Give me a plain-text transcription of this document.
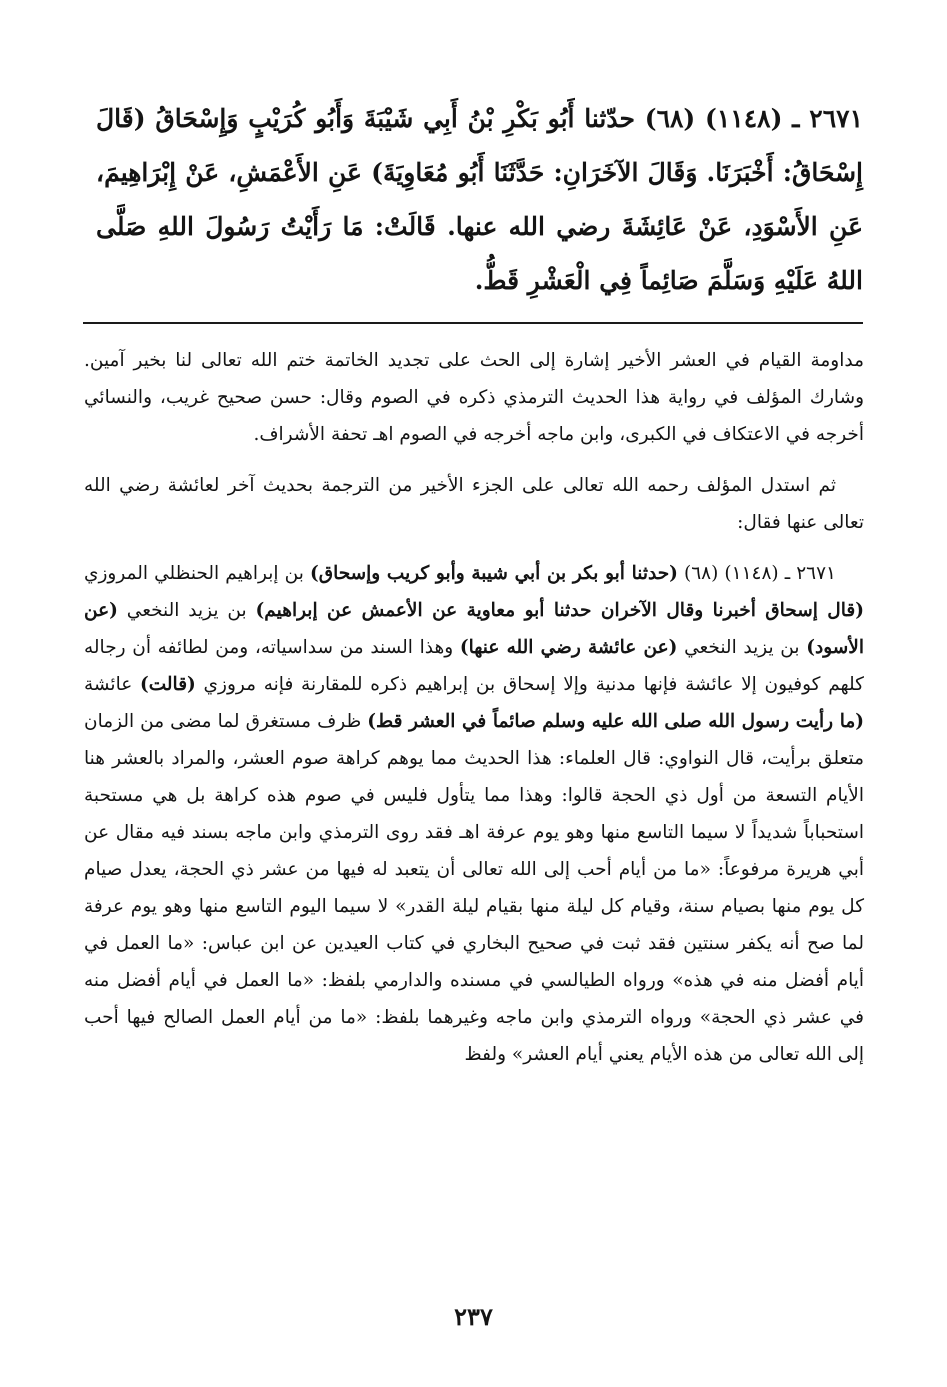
٢٦٧١ ـ (١١٤٨) (٦٨) حدّثنا أَبُو بَكْرِ بْنُ أَبِي شَيْبَةَ وَأَبُو كُرَيْبٍ وَإِسْحَاقُ (قَالَ إِسْحَاقُ: أَخْبَرَنَا. وَقَالَ الآخَرَانِ: حَدَّثَنَا أَبُو مُعَاوِيَةَ) عَنِ الأَعْمَشِ، عَنْ إِبْرَاهِيمَ، عَنِ الأَسْوَدِ، عَنْ عَائِشَةَ رضي الله عنها. قَالَتْ: مَا رَأَيْتُ رَسُولَ اللهِ صَلَّى اللهُ عَلَيْهِ وَسَلَّمَ صَائِماً فِي الْعَشْرِ قَطُّ.

مداومة القيام في العشر الأخير إشارة إلى الحث على تجديد الخاتمة ختم الله تعالى لنا بخير آمين. وشارك المؤلف في رواية هذا الحديث الترمذي ذكره في الصوم وقال: حسن صحيح غريب، والنسائي أخرجه في الاعتكاف في الكبرى، وابن ماجه أخرجه في الصوم اهـ تحفة الأشراف.

ثم استدل المؤلف رحمه الله تعالى على الجزء الأخير من الترجمة بحديث آخر لعائشة رضي الله تعالى عنها فقال:

٢٦٧١ ـ (١١٤٨) (٦٨) (حدثنا أبو بكر بن أبي شيبة وأبو كريب وإسحاق) بن إبراهيم الحنظلي المروزي (قال إسحاق أخبرنا وقال الآخران حدثنا أبو معاوية عن الأعمش عن إبراهيم) بن يزيد النخعي (عن الأسود) بن يزيد النخعي (عن عائشة رضي الله عنها) وهذا السند من سداسياته، ومن لطائفه أن رجاله كلهم كوفيون إلا عائشة فإنها مدنية وإلا إسحاق بن إبراهيم ذكره للمقارنة فإنه مروزي (قالت) عائشة (ما رأيت رسول الله صلى الله عليه وسلم صائماً في العشر قط) ظرف مستغرق لما مضى من الزمان متعلق برأيت، قال النواوي: قال العلماء: هذا الحديث مما يوهم كراهة صوم العشر، والمراد بالعشر هنا الأيام التسعة من أول ذي الحجة قالوا: وهذا مما يتأول فليس في صوم هذه كراهة بل هي مستحبة استحباباً شديداً لا سيما التاسع منها وهو يوم عرفة اهـ فقد روى الترمذي وابن ماجه بسند فيه مقال عن أبي هريرة مرفوعاً: «ما من أيام أحب إلى الله تعالى أن يتعبد له فيها من عشر ذي الحجة، يعدل صيام كل يوم منها بصيام سنة، وقيام كل ليلة منها بقيام ليلة القدر» لا سيما اليوم التاسع منها وهو يوم عرفة لما صح أنه يكفر سنتين فقد ثبت في صحيح البخاري في كتاب العيدين عن ابن عباس: «ما العمل في أيام أفضل منه في هذه» ورواه الطيالسي في مسنده والدارمي بلفظ: «ما العمل في أيام أفضل منه في عشر ذي الحجة» ورواه الترمذي وابن ماجه وغيرهما بلفظ: «ما من أيام العمل الصالح فيها أحب إلى الله تعالى من هذه الأيام يعني أيام العشر» ولفظ

٢٣٧
